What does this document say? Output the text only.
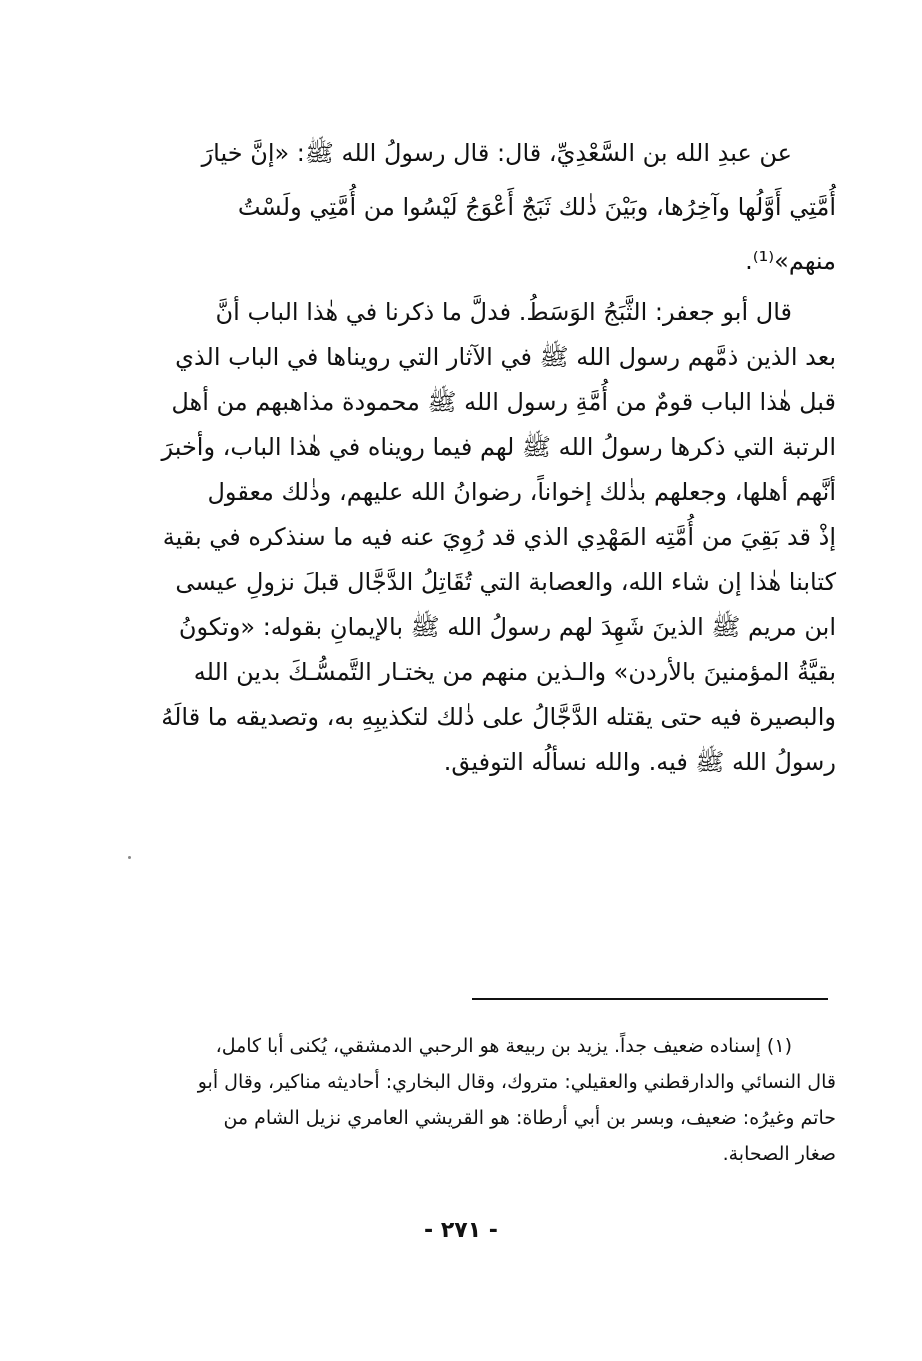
عن عبدِ الله بن السَّعْدِيِّ، قال: قال رسولُ الله ﷺ: «إنَّ خيارَ
أُمَّتِي أَوَّلُها وآخِرُها، وبَيْنَ ذٰلك ثَبَجٌ أَعْوَجُ لَيْسُوا من أُمَّتِي ولَسْتُ
منهم»⁽¹⁾.
قال أبو جعفر: الثَّبَجُ الوَسَطُ. فدلَّ ما ذكرنا في هٰذا الباب أنَّ
بعد الذين ذمَّهم رسول الله ﷺ في الآثار التي رويناها في الباب الذي
قبل هٰذا الباب قومٌ من أُمَّةِ رسول الله ﷺ محمودة مذاهبهم من أهل
الرتبة التي ذكرها رسولُ الله ﷺ لهم فيما رويناه في هٰذا الباب، وأخبرَ
أنَّهم أهلها، وجعلهم بذٰلك إخواناً، رضوانُ الله عليهم، وذٰلك معقول
إذْ قد بَقِيَ من أُمَّتِه المَهْدِي الذي قد رُوِيَ عنه فيه ما سنذكره في بقية
كتابنا هٰذا إن شاء الله، والعصابة التي تُقَاتِلُ الدَّجَّال قبلَ نزولِ عيسى
ابن مريم ﷺ الذينَ شَهِدَ لهم رسولُ الله ﷺ بالإيمانِ بقوله: «وتكونُ
بقيَّةُ المؤمنينَ بالأردن» والـذين منهم من يختـار التَّمسُّـكَ بدين الله
والبصيرة فيه حتى يقتله الدَّجَّالُ على ذٰلك لتكذيبِهِ به، وتصديقه ما قالَهُ
رسولُ الله ﷺ فيه. والله نسألُه التوفيق.
(١) إسناده ضعيف جداً. يزيد بن ربيعة هو الرحبي الدمشقي، يُكنى أبا كامل،
قال النسائي والدارقطني والعقيلي: متروك، وقال البخاري: أحاديثه مناكير، وقال أبو
حاتم وغيرُه: ضعيف، وبسر بن أبي أرطاة: هو القريشي العامري نزيل الشام من
صغار الصحابة.
- ٢٧١ -
